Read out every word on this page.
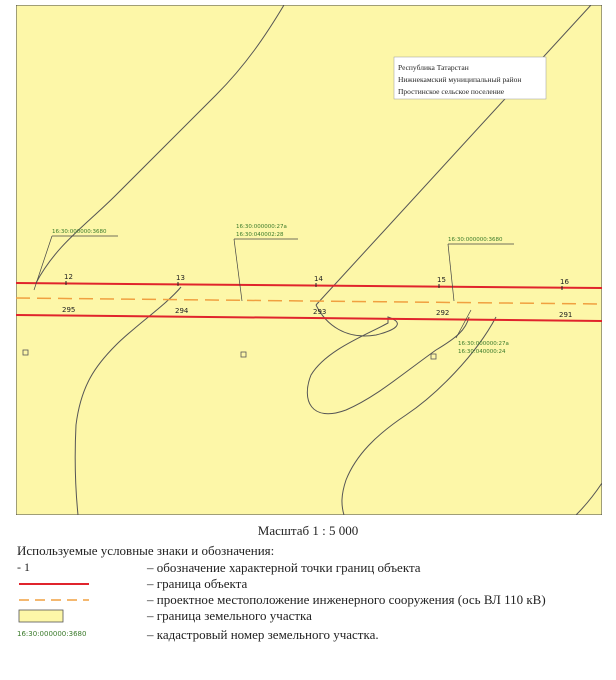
12	13	14	15	16
295	294	293	292	291
16:30:000000:3680
16:30:000000:27а
16:30:040002:28
16:30:000000:3680
16:30:000000:27а
16:30:040000:24
Республика Татарстан
Нижнекамский муниципальный район
Простинское сельское поселение
Масштаб 1 : 5 000
Используемые условные знаки и обозначения:
- 1	– обозначение характерной точки границ объекта
– граница объекта
– проектное местоположение инженерного сооружения (ось ВЛ 110 кВ)
– граница земельного участка
16:30:000000:3680	– кадастровый номер земельного участка.
